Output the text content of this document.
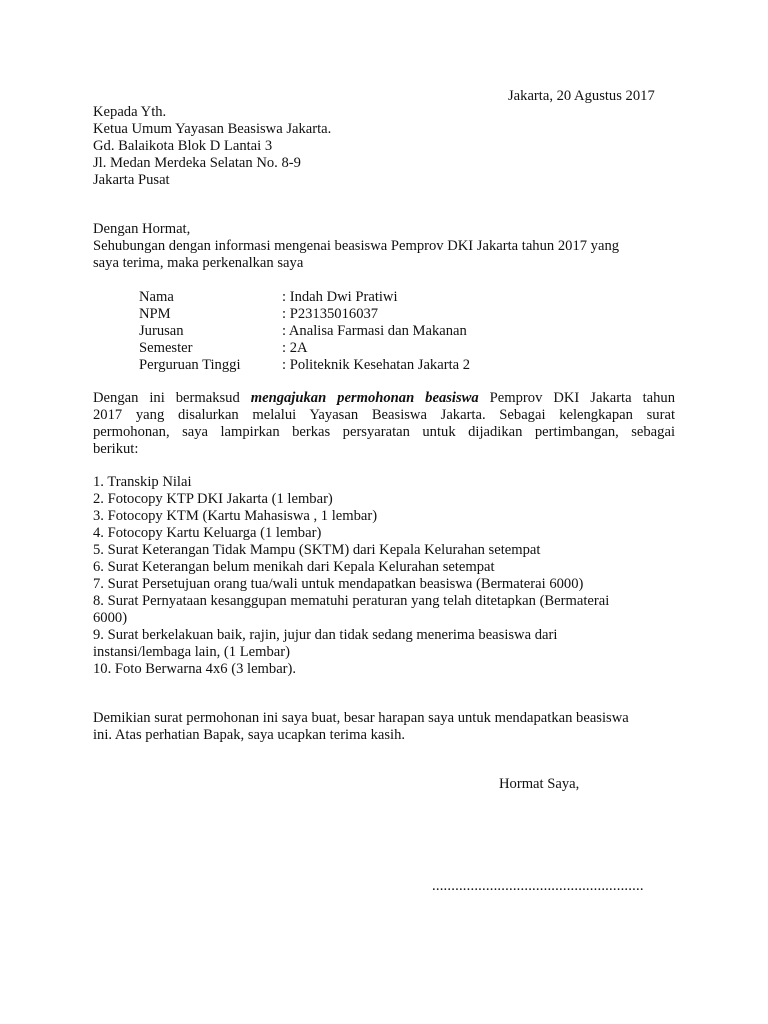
Jakarta, 20 Agustus 2017
Kepada Yth.
Ketua Umum Yayasan Beasiswa Jakarta.
Gd. Balaikota Blok D Lantai 3
Jl. Medan Merdeka Selatan No. 8-9
Jakarta Pusat
Dengan Hormat,
Sehubungan dengan informasi mengenai beasiswa Pemprov DKI Jakarta tahun 2017 yang
saya terima, maka perkenalkan saya
Nama	: Indah Dwi Pratiwi
NPM	: P23135016037
Jurusan	: Analisa Farmasi dan Makanan
Semester	: 2A
Perguruan Tinggi	: Politeknik Kesehatan Jakarta 2
Dengan ini bermaksud mengajukan permohonan beasiswa Pemprov DKI Jakarta tahun
2017 yang disalurkan melalui Yayasan Beasiswa Jakarta. Sebagai kelengkapan surat
permohonan, saya lampirkan berkas persyaratan untuk dijadikan pertimbangan, sebagai
berikut:
1. Transkip Nilai
2. Fotocopy KTP DKI Jakarta (1 lembar)
3. Fotocopy KTM (Kartu Mahasiswa , 1 lembar)
4. Fotocopy Kartu Keluarga (1 lembar)
5. Surat Keterangan Tidak Mampu (SKTM) dari Kepala Kelurahan setempat
6. Surat Keterangan belum menikah dari Kepala Kelurahan setempat
7. Surat Persetujuan orang tua/wali untuk mendapatkan beasiswa (Bermaterai 6000)
8. Surat Pernyataan kesanggupan mematuhi peraturan yang telah ditetapkan (Bermaterai
6000)
9. Surat berkelakuan baik, rajin, jujur dan tidak sedang menerima beasiswa dari
instansi/lembaga lain, (1 Lembar)
10. Foto Berwarna 4x6 (3 lembar).
Demikian surat permohonan ini saya buat, besar harapan saya untuk mendapatkan beasiswa
ini. Atas perhatian Bapak, saya ucapkan terima kasih.
Hormat Saya,
.......................................................
